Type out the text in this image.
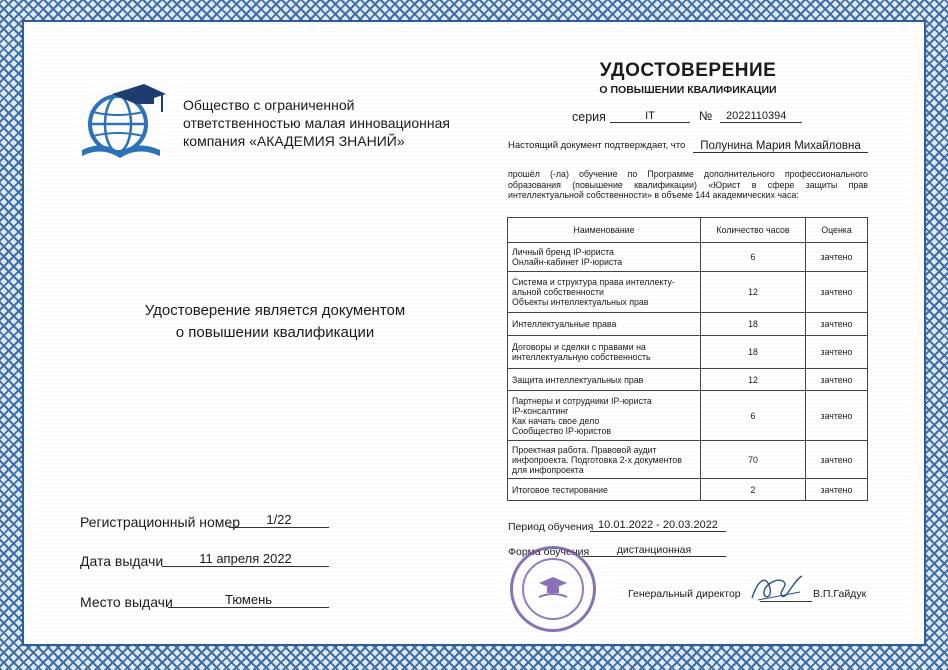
Общество с ограниченной ответственностью малая инновационная компания «АКАДЕМИЯ ЗНАНИЙ»
Удостоверение является документом
о повышении квалификации
Регистрационный номер	1/22
Дата выдачи	11 апреля 2022
Место выдачи	Тюмень
УДОСТОВЕРЕНИЕ
О ПОВЫШЕНИИ КВАЛИФИКАЦИИ
серия	IT	№	2022110394
Настоящий документ подтверждает, что	Полунина Мария Михайловна
прошёл (-ла) обучение по Программе дополнительного профессионального образования (повышение квалификации) «Юрист в сфере защиты прав интеллектуальной собственности» в объеме 144 академических часа:
Наименование	Количество часов	Оценка
Личный бренд IP-юриста
Онлайн-кабинет IP-юриста	6	зачтено
Система и структура права интеллекту-
альной собственности
Объекты интеллектуальных прав	12	зачтено
Интеллектуальные права	18	зачтено
Договоры и сделки с правами на
интеллектуальную собственность	18	зачтено
Защита интеллектуальных прав	12	зачтено
Партнеры и сотрудники IP-юриста
IP-консалтинг
Как начать свое дело
Сообщество IP-юристов	6	зачтено
Проектная работа. Правовой аудит
инфопроекта. Подготовка 2-х документов
для инфопроекта	70	зачтено
Итоговое тестирование	2	зачтено
Период обучения 10.01.2022 - 20.03.2022
Форма обучения	дистанционная
Генеральный директор	В.П.Гайдук
